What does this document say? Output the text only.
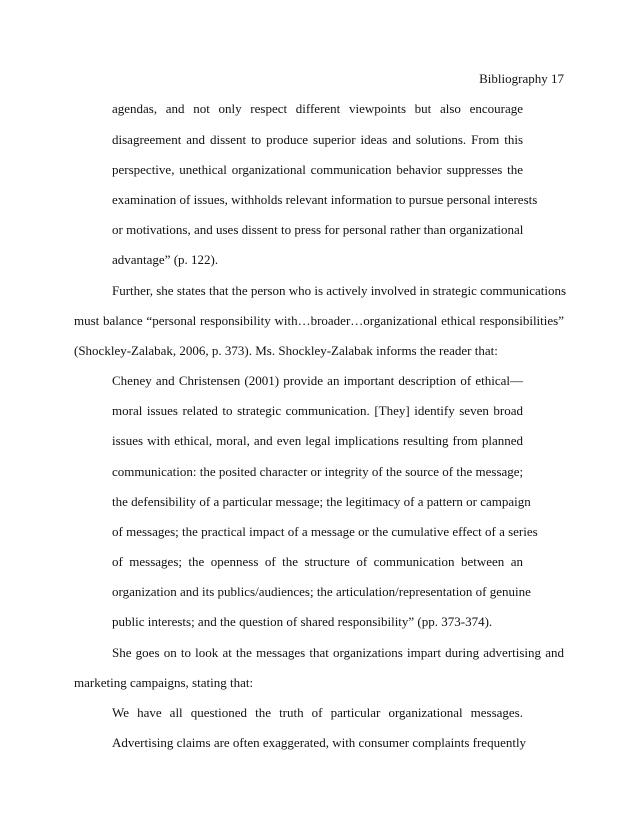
Bibliography 17
agendas, and not only respect different viewpoints but also encourage
disagreement and dissent to produce superior ideas and solutions. From this
perspective, unethical organizational communication behavior suppresses the
examination of issues, withholds relevant information to pursue personal interests
or motivations, and uses dissent to press for personal rather than organizational
advantage” (p. 122).
Further, she states that the person who is actively involved in strategic communications
must balance “personal responsibility with…broader…organizational ethical responsibilities”
(Shockley-Zalabak, 2006, p. 373). Ms. Shockley-Zalabak informs the reader that:
Cheney and Christensen (2001) provide an important description of ethical—
moral issues related to strategic communication. [They] identify seven broad
issues with ethical, moral, and even legal implications resulting from planned
communication: the posited character or integrity of the source of the message;
the defensibility of a particular message; the legitimacy of a pattern or campaign
of messages; the practical impact of a message or the cumulative effect of a series
of messages; the openness of the structure of communication between an
organization and its publics/audiences; the articulation/representation of genuine
public interests; and the question of shared responsibility” (pp. 373-374).
She goes on to look at the messages that organizations impart during advertising and
marketing campaigns, stating that:
We have all questioned the truth of particular organizational messages.
Advertising claims are often exaggerated, with consumer complaints frequently
